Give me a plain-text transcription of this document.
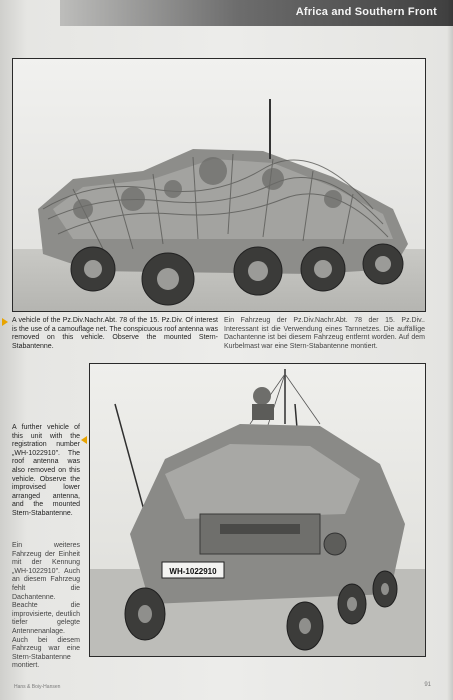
Africa and Southern Front
A vehicle of the Pz.Div.Nachr.Abt. 78 of the 15. Pz.Div. Of interest is the use of a camouflage net. The conspicuous roof antenna was removed on this vehicle. Observe the mounted Stern-Stabantenne.
Ein Fahrzeug der Pz.Div.Nachr.Abt. 78 der 15. Pz.Div.. Interessant ist die Verwendung eines Tarnnetzes. Die auffällige Dachantenne ist bei diesem Fahrzeug entfernt worden. Auf dem Kurbelmast war eine Stern-Stabantenne montiert.
WH-1022910
A further vehicle of this unit with the registration number „WH-1022910". The roof antenna was also removed on this vehicle. Observe the improvised lower arranged antenna, and the mounted Stern-Stabantenne.
Ein weiteres Fahrzeug der Einheit mit der Kennung „WH-1022910". Auch an diesem Fahrzeug fehlt die Dachantenne. Beachte die improvisierte, deutlich tiefer gelegte Antennenanlage. Auch bei diesem Fahrzeug war eine Stern-Stabantenne montiert.
Hans & Boiy-Hansen	91
